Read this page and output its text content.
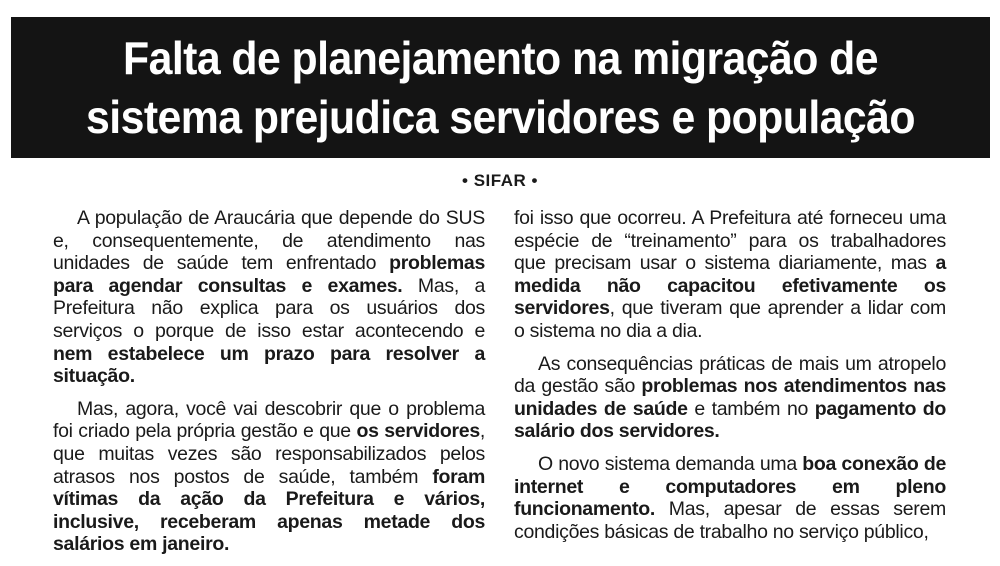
Falta de planejamento na migração de sistema prejudica servidores e população
• SIFAR •

A população de Araucária que depende do SUS e, consequentemente, de atendimento nas unidades de saúde tem enfrentado problemas para agendar consultas e exames. Mas, a Prefeitura não explica para os usuários dos serviços o porque de isso estar acontecendo e nem estabelece um prazo para resolver a situação.

Mas, agora, você vai descobrir que o problema foi criado pela própria gestão e que os servidores, que muitas vezes são responsabilizados pelos atrasos nos postos de saúde, também foram vítimas da ação da Prefeitura e vários, inclusive, receberam apenas metade dos salários em janeiro.

foi isso que ocorreu. A Prefeitura até forneceu uma espécie de “treinamento” para os trabalhadores que precisam usar o sistema diariamente, mas a medida não capacitou efetivamente os servidores, que tiveram que aprender a lidar com o sistema no dia a dia.

As consequências práticas de mais um atropelo da gestão são problemas nos atendimentos nas unidades de saúde e também no pagamento do salário dos servidores.

O novo sistema demanda uma boa conexão de internet e computadores em pleno funcionamento. Mas, apesar de essas serem condições básicas de trabalho no serviço público,
